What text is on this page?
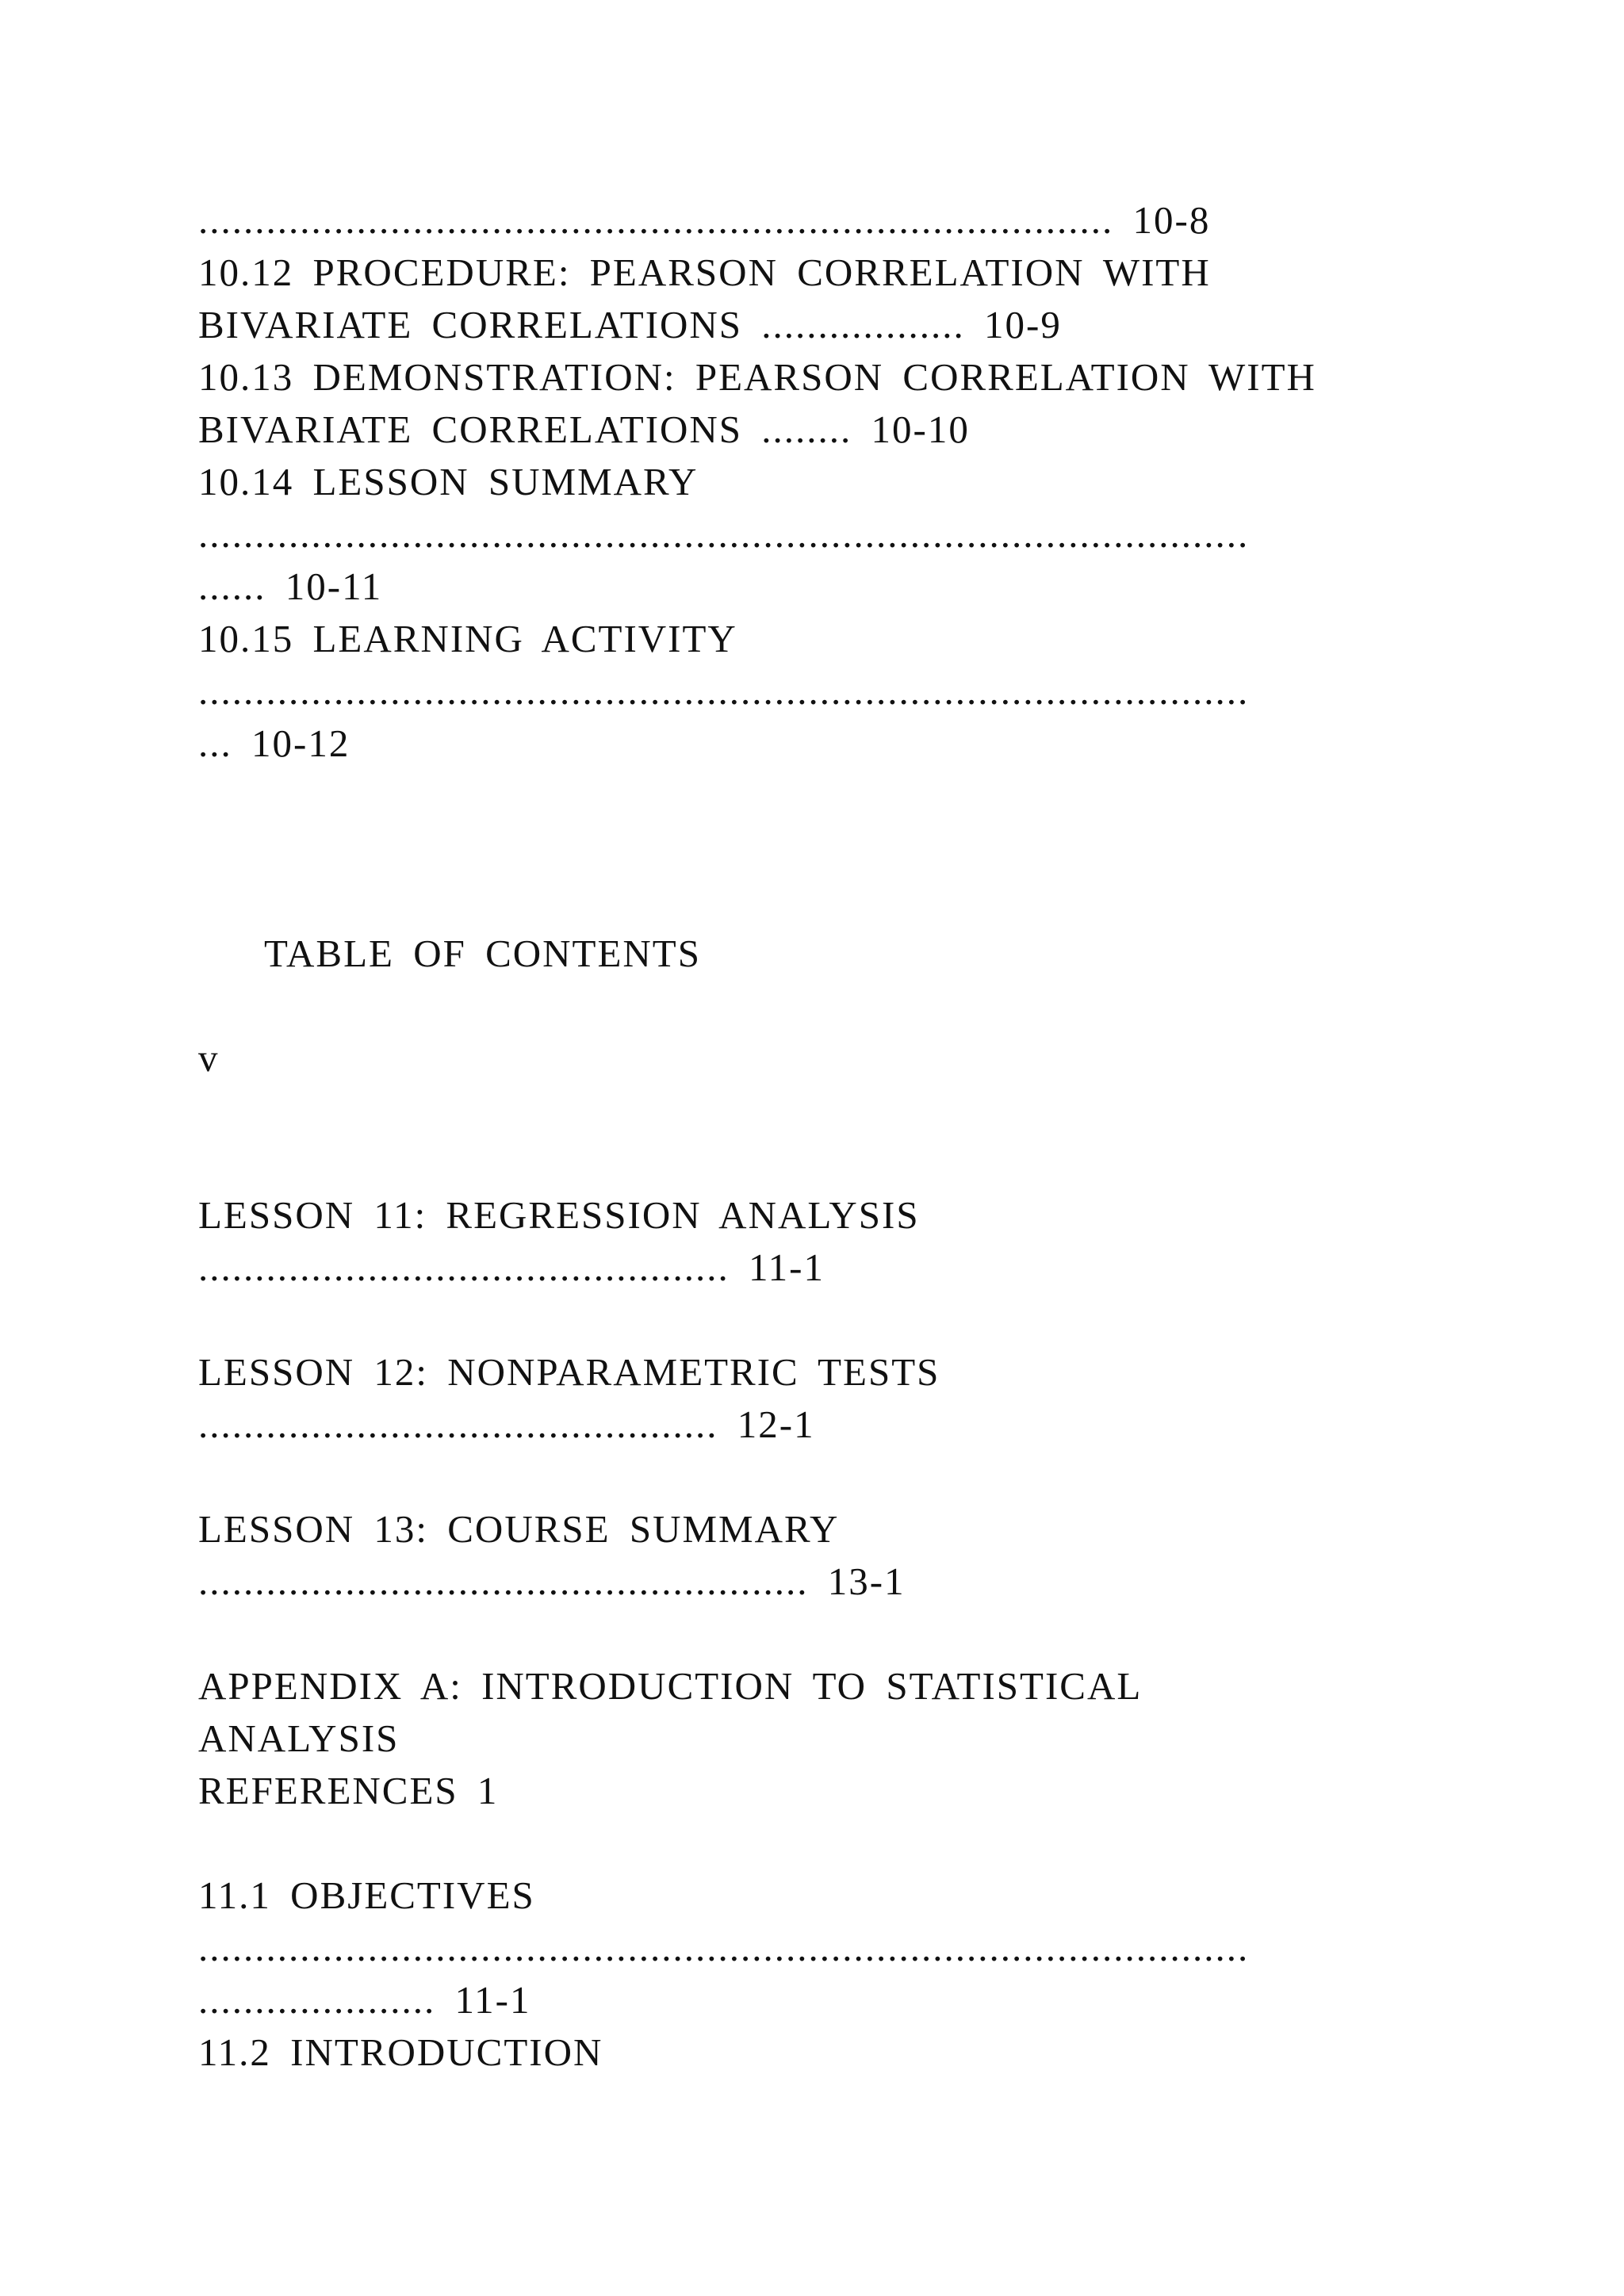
................................................................................. 10-8

10.12 PROCEDURE: PEARSON CORRELATION WITH

BIVARIATE CORRELATIONS .................. 10-9

10.13 DEMONSTRATION: PEARSON CORRELATION WITH

BIVARIATE CORRELATIONS ........ 10-10

10.14 LESSON SUMMARY

.............................................................................................

...... 10-11

10.15 LEARNING ACTIVITY

.............................................................................................

... 10-12

TABLE OF CONTENTS

v

LESSON 11: REGRESSION ANALYSIS

............................................... 11-1

LESSON 12: NONPARAMETRIC TESTS

.............................................. 12-1

LESSON 13: COURSE SUMMARY

...................................................... 13-1

APPENDIX A: INTRODUCTION TO STATISTICAL

ANALYSIS

REFERENCES 1

11.1 OBJECTIVES

.............................................................................................

..................... 11-1

11.2 INTRODUCTION
